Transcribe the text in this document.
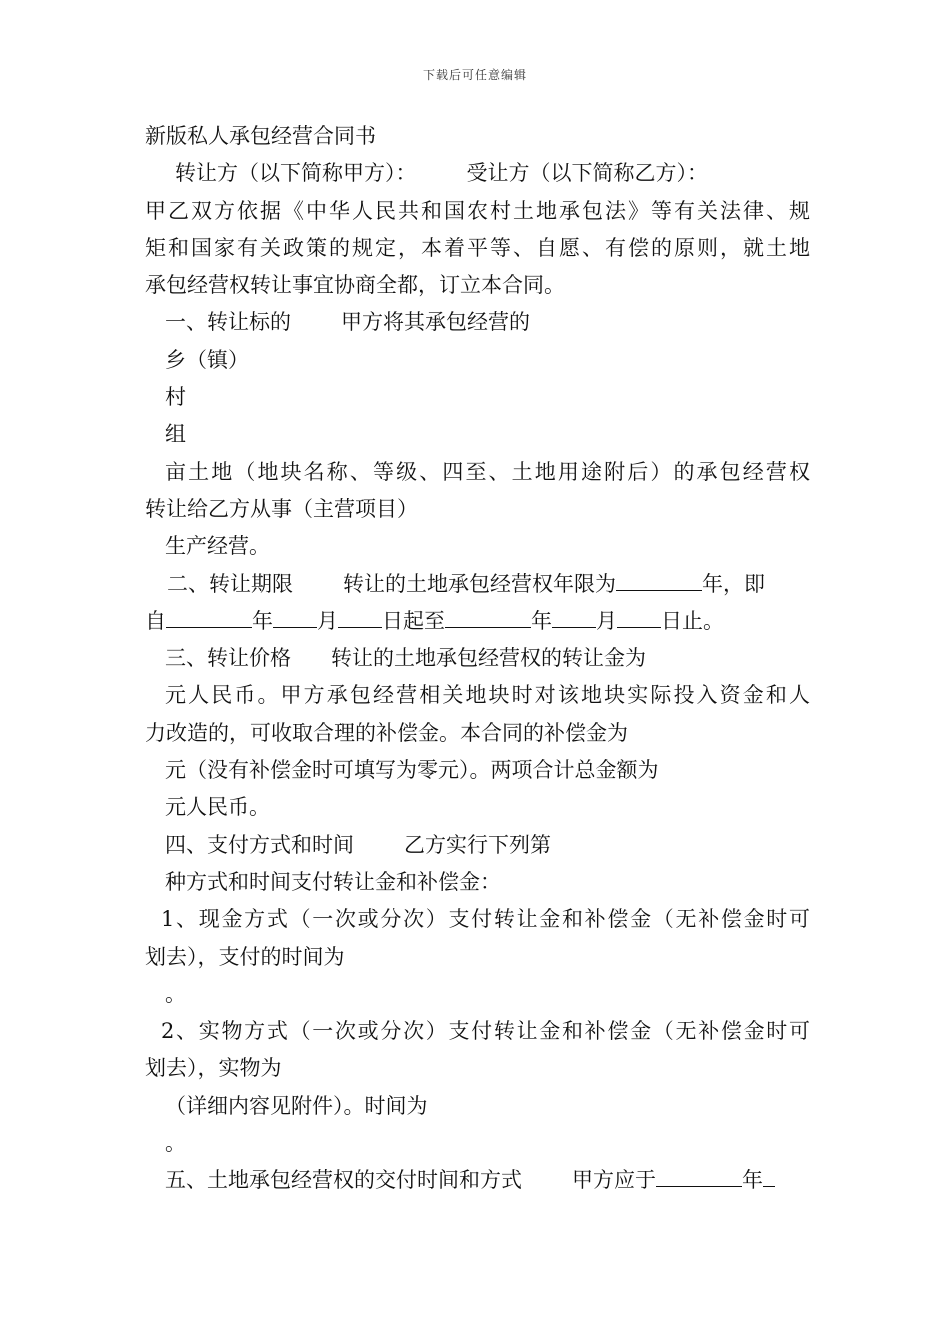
下载后可任意编辑
新版私人承包经营合同书
转让方（以下简称甲方）： 受让方（以下简称乙方）：
甲乙双方依据《中华人民共和国农村土地承包法》等有关法律、规
矩和国家有关政策的规定，本着平等、自愿、有偿的原则，就土地
承包经营权转让事宜协商全都，订立本合同。
一、转让标的 甲方将其承包经营的
乡（镇）
村
组
亩土地（地块名称、等级、四至、土地用途附后）的承包经营权
转让给乙方从事（主营项目）
生产经营。
二、转让期限 转让的土地承包经营权年限为	年，即
自	年 月 日起至	年 月 日止。
三、转让价格 转让的土地承包经营权的转让金为
元人民币。甲方承包经营相关地块时对该地块实际投入资金和人
力改造的，可收取合理的补偿金。本合同的补偿金为
元（没有补偿金时可填写为零元）。两项合计总金额为
元人民币。
四、支付方式和时间 乙方实行下列第
种方式和时间支付转让金和补偿金：
1、现金方式（一次或分次）支付转让金和补偿金（无补偿金时可
划去），支付的时间为
。
2、实物方式（一次或分次）支付转让金和补偿金（无补偿金时可
划去），实物为
（详细内容见附件）。时间为
。
五、土地承包经营权的交付时间和方式 甲方应于	年
